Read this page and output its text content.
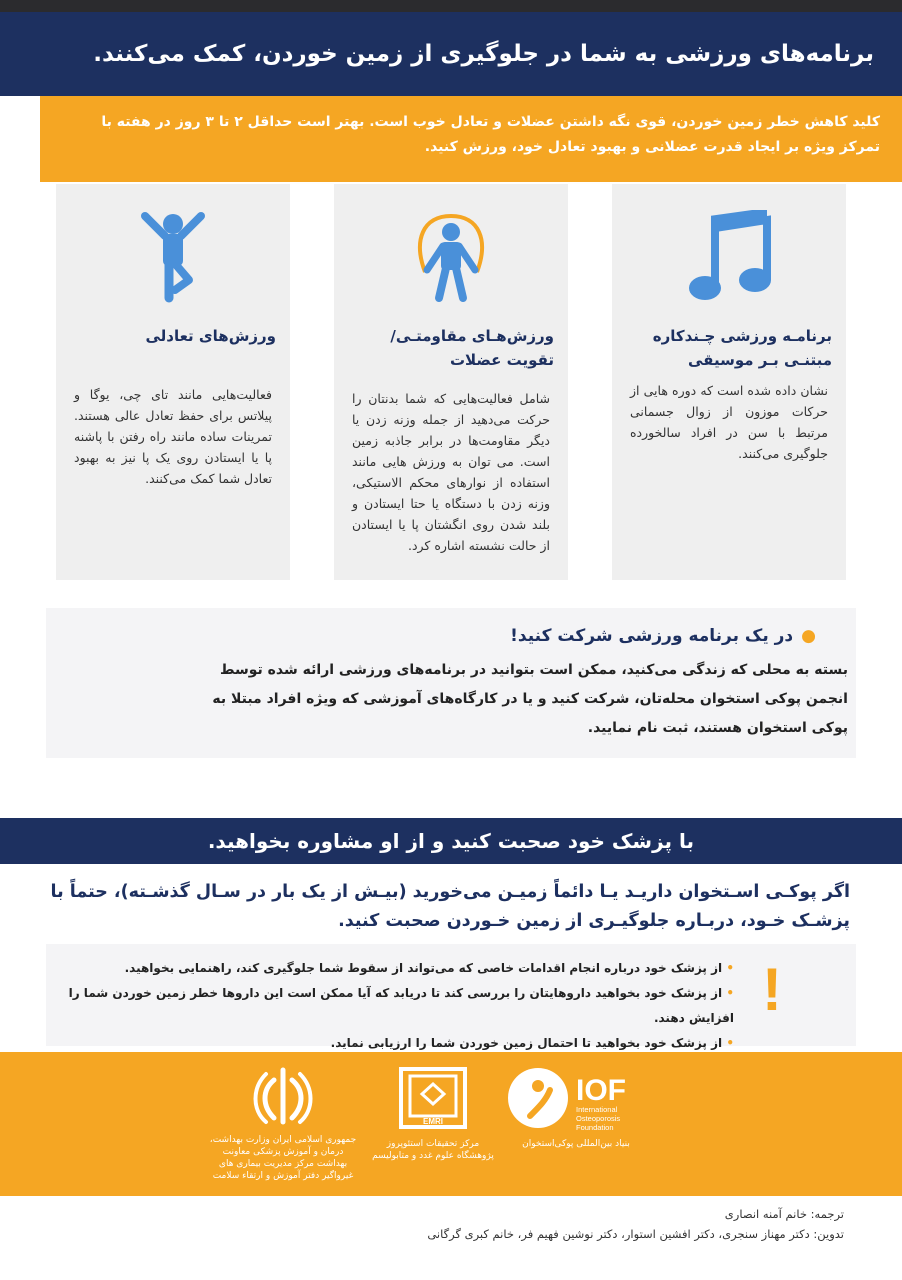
برنامه‌های ورزشی به شما در جلوگیری از زمین خوردن، کمک می‌کنند.

کلید کاهش خطر زمین خوردن، قوی نگه داشتن عضلات و تعادل خوب است. بهتر است حداقل ۲ تا ۳ روز در هفته با تمرکز ویژه بر ایجاد قدرت عضلانی و بهبود تعادل خود، ورزش کنید.

برنامـه ورزشی چـندکاره مبتنـی بـر موسیقی

نشان داده شده است که دوره هایی از حرکات موزون از زوال جسمانی مرتبط با سن در افراد سالخورده جلوگیری می‌کنند.

ورزش‌هـای مقاومتـی/ تقویت عضلات

شامل فعالیت‌هایی که شما بدنتان را حرکت می‌دهید از جمله وزنه زدن یا دیگر مقاومت‌ها در برابر جاذبه زمین است. می توان به ورزش هایی مانند استفاده از نوارهای محکم الاستیکی، وزنه زدن با دستگاه یا حتا ایستادن و بلند شدن روی انگشتان پا یا ایستادن از حالت نشسته اشاره کرد.

ورزش‌های تعادلی

فعالیت‌هایی مانند تای چی، یوگا و پیلاتس برای حفظ تعادل عالی هستند. تمرینات ساده مانند راه رفتن با پاشنه پا یا ایستادن روی یک پا نیز به بهبود تعادل شما کمک می‌کنند.

●در یک برنامه ورزشی شرکت کنید!

بسته به محلی که زندگی می‌کنید، ممکن است بتوانید در برنامه‌های ورزشی ارائه شده توسط انجمن پوکی استخوان محله‌تان، شرکت کنید و یا در کارگاه‌های آموزشی که ویژه افراد مبتلا به پوکی استخوان هستند، ثبت نام نمایید.

با پزشک خود صحبت کنید و از او مشاوره بخواهید.

اگر پوکـی اسـتخوان داریـد یـا دائماً زمیـن می‌خورید (بیـش از یک بار در سـال گذشـته)، حتماً با پزشـک خـود، دربـاره جلوگیـری از زمین خـوردن صحبت کنید.

!
• از پزشک خود درباره انجام اقدامات خاصی که می‌تواند از سقوط شما جلوگیری کند، راهنمایی بخواهید.
• از پزشک خود بخواهید داروهایتان را بررسی کند تا دریابد که آیا ممکن است این داروها خطر زمین خوردن شما را افزایش دهند.
• از پزشک خود بخواهید تا احتمال زمین خوردن شما را ارزیابی نماید.
IOF
International
Osteoporosis
Foundation
بنیاد بین‌المللی پوکی‌استخوان
EMRI
مرکز تحقیقات استئوپروز پژوهشگاه علوم غدد و متابولیسم
جمهوری اسلامی ایران وزارت بهداشت، درمان و آموزش پزشکی معاونت بهداشت مرکز مدیریت بیماری های غیرواگیر دفتر آموزش و ارتقاء سلامت
ترجمه: خانم آمنه انصاری
تدوین: دکتر مهناز سنجری، دکتر افشین استوار، دکتر نوشین فهیم فر، خانم کبری گرگانی
